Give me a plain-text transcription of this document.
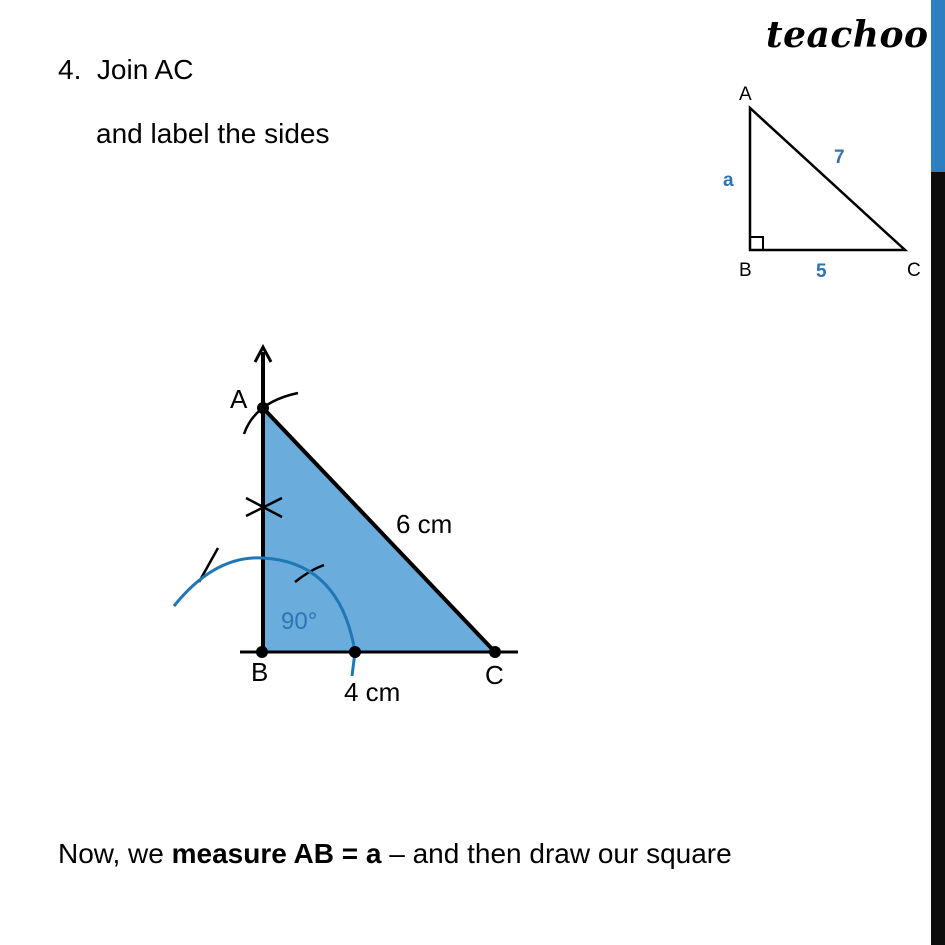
4. Join AC
and label the sides
teachoo
A
B	C
a
7
5
A
B	C
6 cm
4 cm
90°
Now, we measure AB = a – and then draw our square
